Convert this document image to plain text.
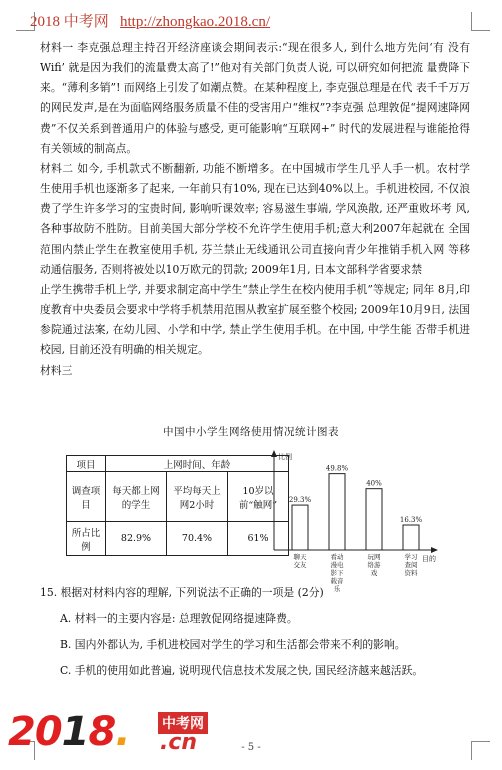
2018 中考网 http://zhongkao.2018.cn/

材料一 李克强总理主持召开经济座谈会期间表示:“现在很多人, 到什么地方先问‘有 没有Wifi’ 就是因为我们的流量费太高了!”他对有关部门负责人说, 可以研究如何把流 量费降下来。“薄利多销”! 而网络上引发了如潮点赞。在某种程度上, 李克强总理是在代 表千千万万的网民发声,是在为面临网络服务质量不佳的受害用户“维权”?李克强 总理敦促“提网速降网费”不仅关系到普通用户的体验与感受, 更可能影响“互联网+” 时代的发展进程与谁能抢得有关领域的制高点。

材料二 如今, 手机款式不断翻新, 功能不断增多。在中国城市学生几乎人手一机。农村学 生使用手机也逐渐多了起来, 一年前只有10%, 现在已达到40%以上。手机进校园, 不仅浪 费了学生许多学习的宝贵时间, 影响听课效率; 容易滋生事端, 学风涣散, 还严重败坏考 风, 各种事故防不胜防。目前美国大部分学校不允许学生使用手机;意大利2007年起就在 全国范围内禁止学生在教室使用手机, 芬兰禁止无线通讯公司直接向青少年推销手机入网 等移动通信服务, 否则将被处以10万欧元的罚款; 2009年1月, 日本文部科学省要求禁

止学生携带手机上学, 并要求制定高中学生“禁止学生在校内使用手机”等规定; 同年 8月,印度教育中央委员会要求中学将手机禁用范围从教室扩展至整个校园; 2009年10月9日, 法国参院通过法案, 在幼儿园、小学和中学, 禁止学生使用手机。在中国, 中学生能 否带手机进校园, 目前还没有明确的相关规定。

材料三

中国中小学生网络使用情况统计图表
项目	上网时间、年龄		
调查项目	每天都上网的学生	平均每天上网2小时	10岁以 前“触网”
所占比例	82.9%	70.4%	61%
比例
目的
29.3%
聊天交友
49.8%
看动漫电影下载音乐
40%
玩网络游戏
16.3%
学习查阅资料

15. 根据对材料内容的理解, 下列说法不正确的一项是 (2分)

A. 材料一的主要内容是: 总理敦促网络提速降费。

B. 国内外都认为, 手机进校园对学生的学习和生活都会带来不利的影响。

C. 手机的使用如此普遍, 说明现代信息技术发展之快, 国民经济越来越活跃。

2018. 中考网
.cn	- 5 -
